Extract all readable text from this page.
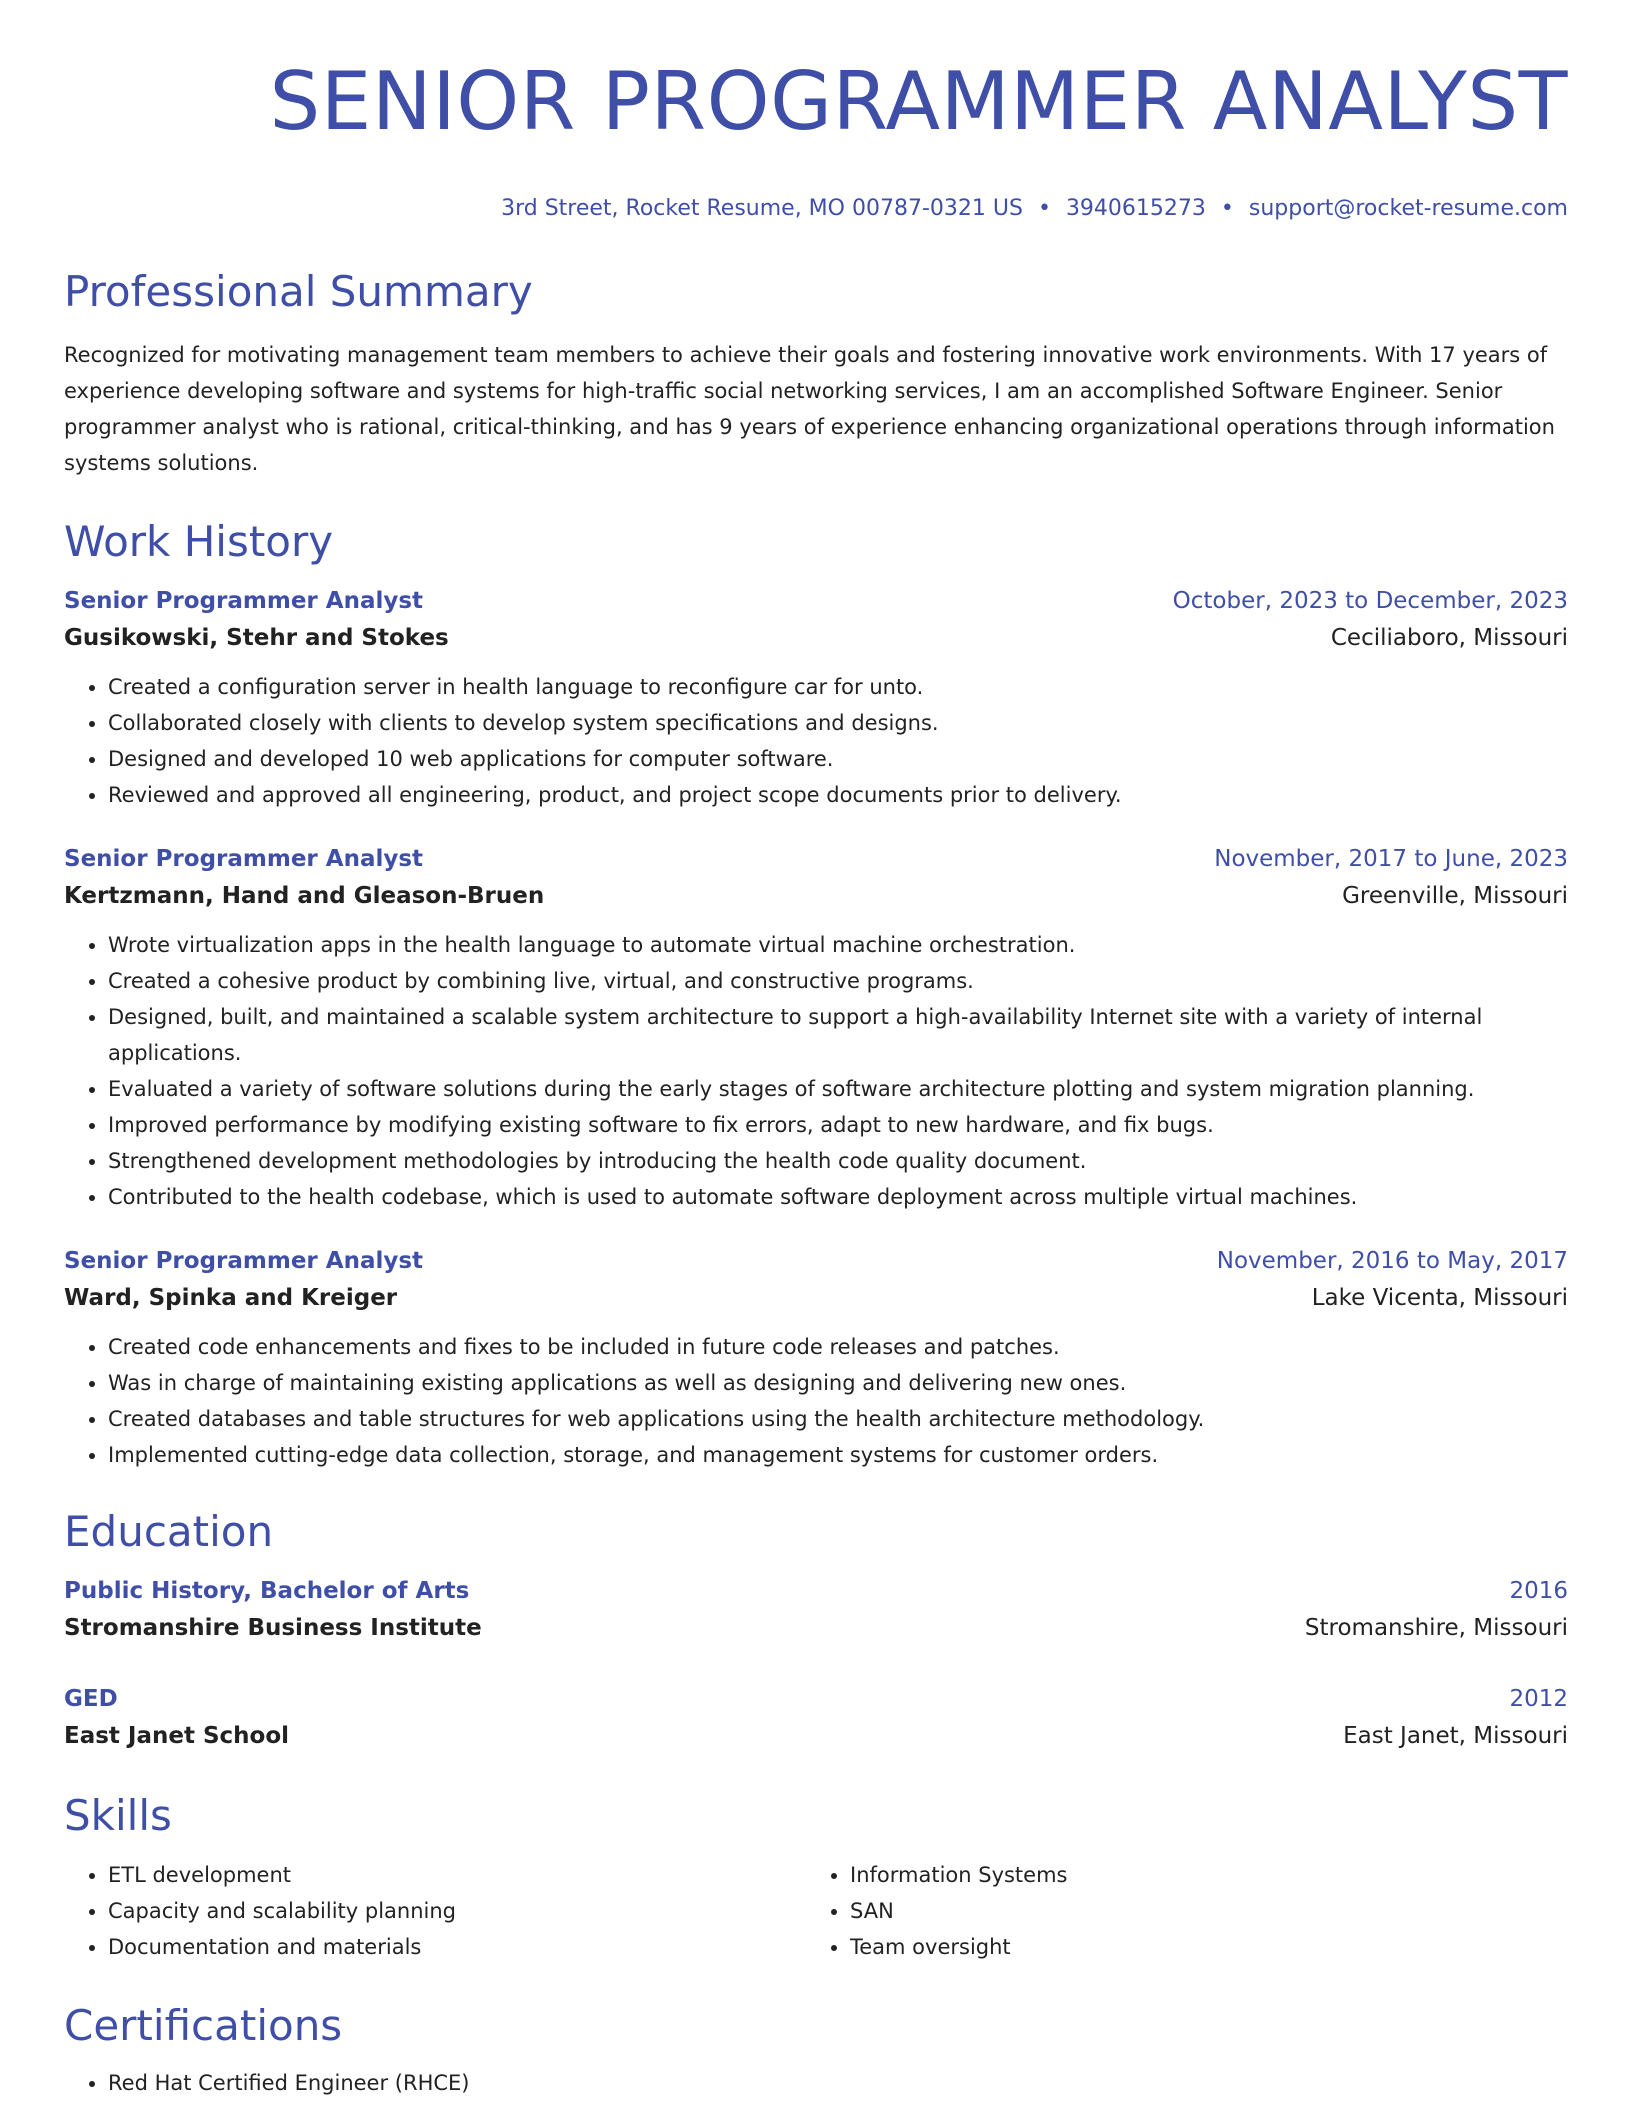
SENIOR PROGRAMMER ANALYST
3rd Street, Rocket Resume, MO 00787-0321 US • 3940615273 • support@rocket-resume.com
Professional Summary
Recognized for motivating management team members to achieve their goals and fostering innovative work environments. With 17 years of experience developing software and systems for high-traffic social networking services, I am an accomplished Software Engineer. Senior programmer analyst who is rational, critical-thinking, and has 9 years of experience enhancing organizational operations through information systems solutions.
Work History
Senior Programmer Analyst	October, 2023 to December, 2023
Gusikowski, Stehr and Stokes	Ceciliaboro, Missouri
• Created a configuration server in health language to reconfigure car for unto.
• Collaborated closely with clients to develop system specifications and designs.
• Designed and developed 10 web applications for computer software.
• Reviewed and approved all engineering, product, and project scope documents prior to delivery.
Senior Programmer Analyst	November, 2017 to June, 2023
Kertzmann, Hand and Gleason-Bruen	Greenville, Missouri
• Wrote virtualization apps in the health language to automate virtual machine orchestration.
• Created a cohesive product by combining live, virtual, and constructive programs.
• Designed, built, and maintained a scalable system architecture to support a high-availability Internet site with a variety of internal applications.
• Evaluated a variety of software solutions during the early stages of software architecture plotting and system migration planning.
• Improved performance by modifying existing software to fix errors, adapt to new hardware, and fix bugs.
• Strengthened development methodologies by introducing the health code quality document.
• Contributed to the health codebase, which is used to automate software deployment across multiple virtual machines.
Senior Programmer Analyst	November, 2016 to May, 2017
Ward, Spinka and Kreiger	Lake Vicenta, Missouri
• Created code enhancements and fixes to be included in future code releases and patches.
• Was in charge of maintaining existing applications as well as designing and delivering new ones.
• Created databases and table structures for web applications using the health architecture methodology.
• Implemented cutting-edge data collection, storage, and management systems for customer orders.
Education
Public History, Bachelor of Arts	2016
Stromanshire Business Institute	Stromanshire, Missouri
GED	2012
East Janet School	East Janet, Missouri
Skills
• ETL development
• Capacity and scalability planning
• Documentation and materials
• Information Systems
• SAN
• Team oversight
Certifications
• Red Hat Certified Engineer (RHCE)
